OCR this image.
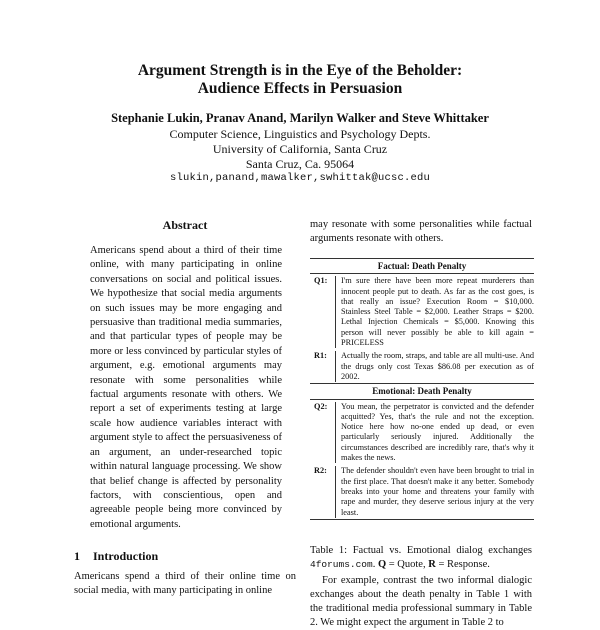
Argument Strength is in the Eye of the Beholder:
Audience Effects in Persuasion
Stephanie Lukin, Pranav Anand, Marilyn Walker and Steve Whittaker
Computer Science, Linguistics and Psychology Depts.
University of California, Santa Cruz
Santa Cruz, Ca. 95064
slukin,panand,mawalker,swhittak@ucsc.edu
Abstract

Americans spend about a third of their time online, with many participating in online conversations on social and political issues. We hypothesize that social media arguments on such issues may be more engaging and persuasive than traditional media summaries, and that particular types of people may be more or less convinced by particular styles of argument, e.g. emotional arguments may resonate with some personalities while factual arguments resonate with others. We report a set of experiments testing at large scale how audience variables interact with argument style to affect the persuasiveness of an argument, an under-researched topic within natural language processing. We show that belief change is affected by personality factors, with conscientious, open and agreeable people being more convinced by emotional arguments.

1 Introduction

Americans spend a third of their online time on social media, with many participating in online

may resonate with some personalities while factual arguments resonate with others.

Factual: Death Penalty
Q1:	I'm sure there have been more repeat murderers than innocent people put to death. As far as the cost goes, is that really an issue? Execution Room = $10,000. Stainless Steel Table = $2,000. Leather Straps = $200. Lethal Injection Chemicals = $5,000. Knowing this person will never possibly be able to kill again = PRICELESS
R1:	Actually the room, straps, and table are all multi-use. And the drugs only cost Texas $86.08 per execution as of 2002.
Emotional: Death Penalty
Q2:	You mean, the perpetrator is convicted and the defender acquitted? Yes, that's the rule and not the exception. Notice here how no-one ended up dead, or even particularly seriously injured. Additionally the circumstances described are incredibly rare, that's why it makes the news.
R2:	The defender shouldn't even have been brought to trial in the first place. That doesn't make it any better. Somebody breaks into your home and threatens your family with rape and murder, they deserve serious injury at the very least.

Table 1: Factual vs. Emotional dialog exchanges 4forums.com. Q = Quote, R = Response.

For example, contrast the two informal dialogic exchanges about the death penalty in Table 1 with the traditional media professional summary in Table 2. We might expect the argument in Table 2 to
